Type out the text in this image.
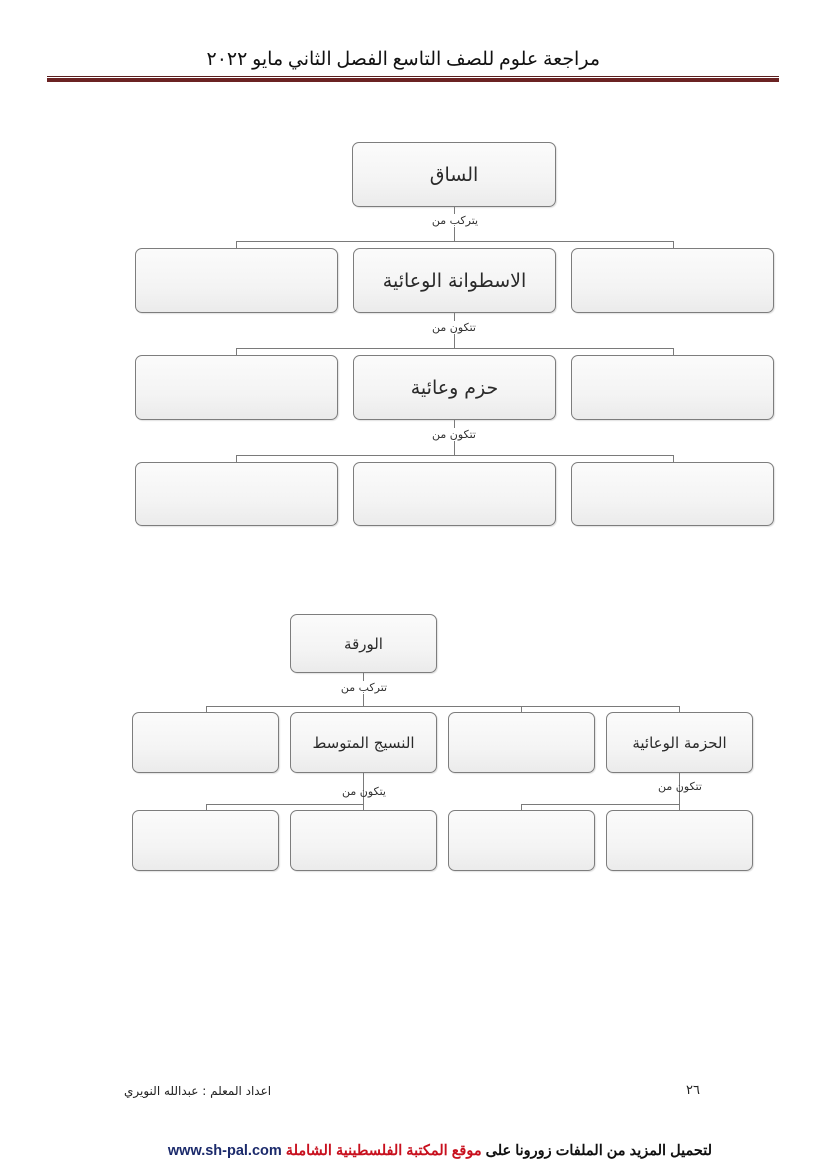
مراجعة علوم للصف التاسع الفصل الثاني مايو ٢٠٢٢
الساق
يتركب من
الاسطوانة الوعائية
تتكون من
حزم وعائية
تتكون من
الورقة
تتركب من
النسيج المتوسط	الحزمة الوعائية
يتكون من	تتكون من
اعداد المعلم : عبدالله النويري	٢٦
لتحميل المزيد من الملفات زورونا على موقع المكتبة الفلسطينية الشاملة www.sh-pal.com
